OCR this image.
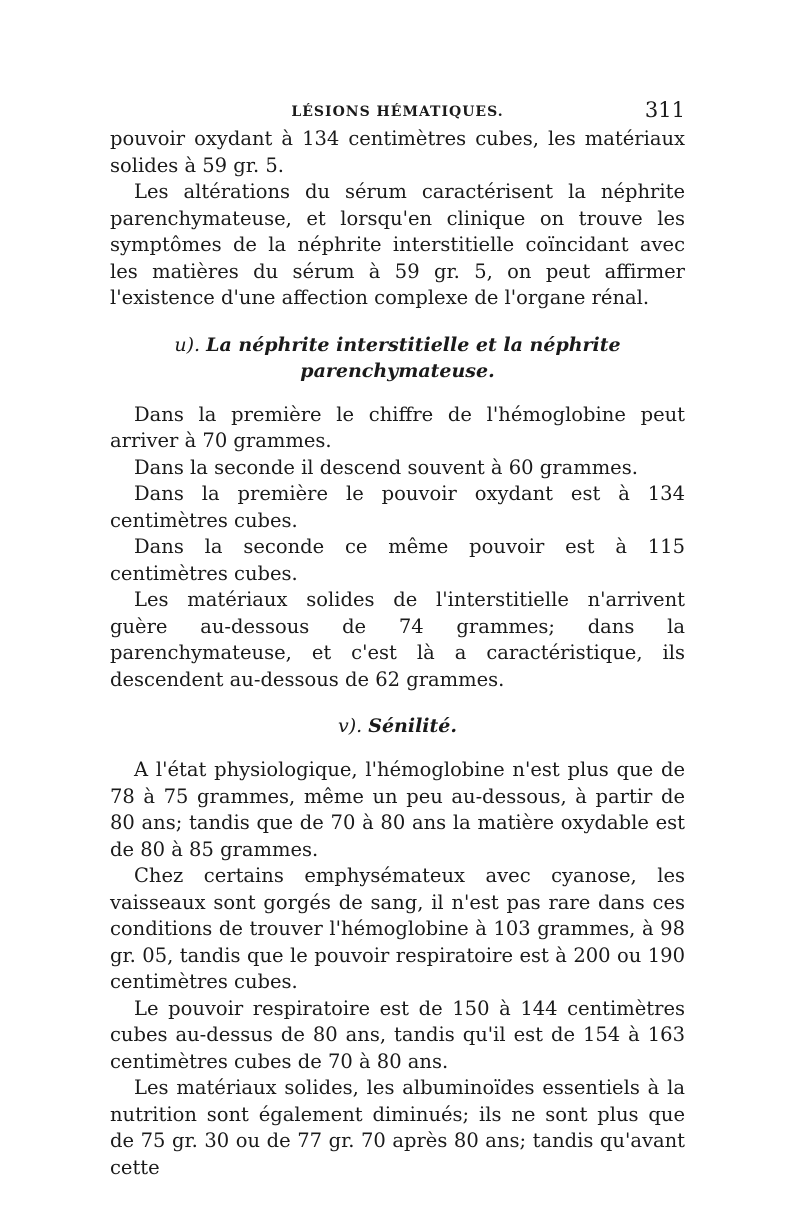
LÉSIONS HÉMATIQUES.	311

pouvoir oxydant à 134 centimètres cubes, les matériaux solides à 59 gr. 5.

Les altérations du sérum caractérisent la néphrite parenchymateuse, et lorsqu'en clinique on trouve les symptômes de la néphrite interstitielle coïncidant avec les matières du sérum à 59 gr. 5, on peut affirmer l'existence d'une affection complexe de l'organe rénal.

u). La néphrite interstitielle et la néphrite parenchymateuse.

Dans la première le chiffre de l'hémoglobine peut arriver à 70 grammes.

Dans la seconde il descend souvent à 60 grammes.

Dans la première le pouvoir oxydant est à 134 centimètres cubes.

Dans la seconde ce même pouvoir est à 115 centimètres cubes.

Les matériaux solides de l'interstitielle n'arrivent guère au-dessous de 74 grammes; dans la parenchymateuse, et c'est là a caractéristique, ils descendent au-dessous de 62 grammes.

v). Sénilité.

A l'état physiologique, l'hémoglobine n'est plus que de 78 à 75 grammes, même un peu au-dessous, à partir de 80 ans; tandis que de 70 à 80 ans la matière oxydable est de 80 à 85 grammes.

Chez certains emphysémateux avec cyanose, les vaisseaux sont gorgés de sang, il n'est pas rare dans ces conditions de trouver l'hémoglobine à 103 grammes, à 98 gr. 05, tandis que le pouvoir respiratoire est à 200 ou 190 centimètres cubes.

Le pouvoir respiratoire est de 150 à 144 centimètres cubes au-dessus de 80 ans, tandis qu'il est de 154 à 163 centimètres cubes de 70 à 80 ans.

Les matériaux solides, les albuminoïdes essentiels à la nutrition sont également diminués; ils ne sont plus que de 75 gr. 30 ou de 77 gr. 70 après 80 ans; tandis qu'avant cette
